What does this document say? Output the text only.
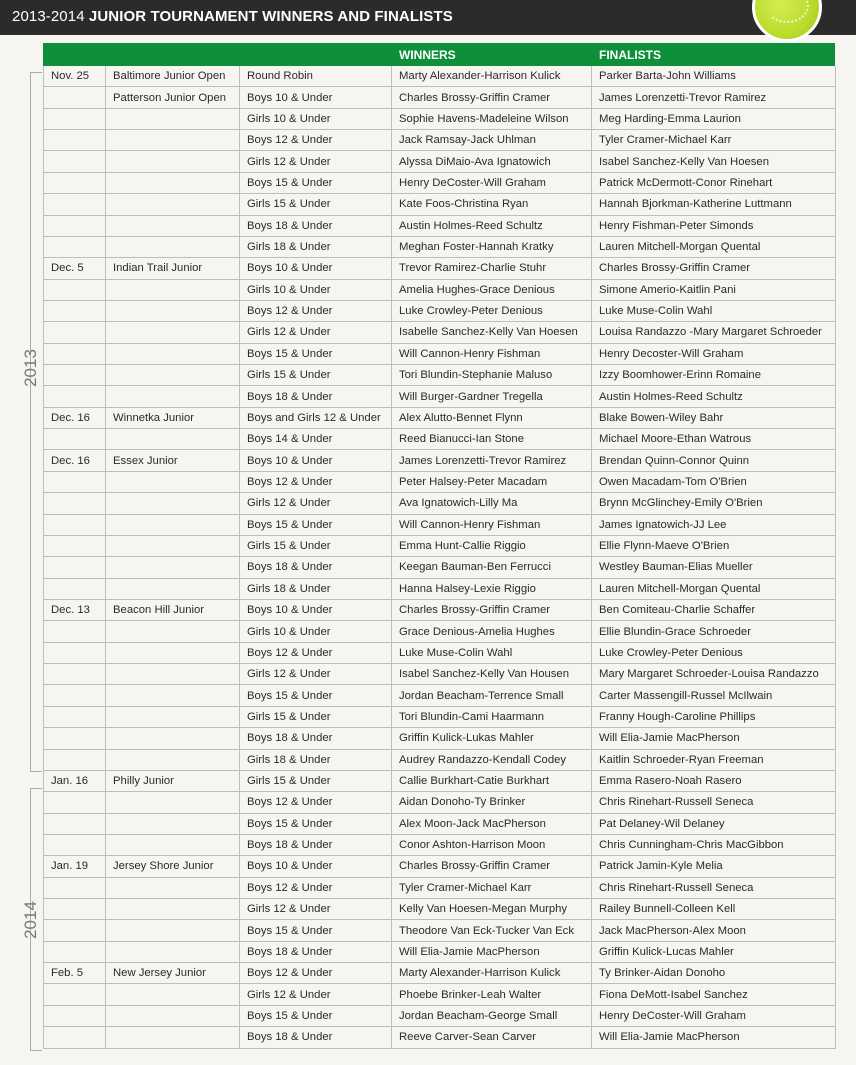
2013-2014 JUNIOR TOURNAMENT WINNERS AND FINALISTS
WINNERS	FINALISTS
2013
2014
Nov. 25	Baltimore Junior Open	Round Robin	Marty Alexander-Harrison Kulick	Parker Barta-John Williams
	Patterson Junior Open	Boys 10 & Under	Charles Brossy-Griffin Cramer	James Lorenzetti-Trevor Ramirez
		Girls 10 & Under	Sophie Havens-Madeleine Wilson	Meg Harding-Emma Laurion
		Boys 12 & Under	Jack Ramsay-Jack Uhlman	Tyler Cramer-Michael Karr
		Girls 12 & Under	Alyssa DiMaio-Ava Ignatowich	Isabel Sanchez-Kelly Van Hoesen
		Boys 15 & Under	Henry DeCoster-Will Graham	Patrick McDermott-Conor Rinehart
		Girls 15 & Under	Kate Foos-Christina Ryan	Hannah Bjorkman-Katherine Luttmann
		Boys 18 & Under	Austin Holmes-Reed Schultz	Henry Fishman-Peter Simonds
		Girls 18 & Under	Meghan Foster-Hannah Kratky	Lauren Mitchell-Morgan Quental
Dec. 5	Indian Trail Junior	Boys 10 & Under	Trevor Ramirez-Charlie Stuhr	Charles Brossy-Griffin Cramer
		Girls 10 & Under	Amelia Hughes-Grace Denious	Simone Amerio-Kaitlin Pani
		Boys 12 & Under	Luke Crowley-Peter Denious	Luke Muse-Colin Wahl
		Girls 12 & Under	Isabelle Sanchez-Kelly Van Hoesen	Louisa Randazzo -Mary Margaret Schroeder
		Boys 15 & Under	Will Cannon-Henry Fishman	Henry Decoster-Will Graham
		Girls 15 & Under	Tori Blundin-Stephanie Maluso	Izzy Boomhower-Erinn Romaine
		Boys 18 & Under	Will Burger-Gardner Tregella	Austin Holmes-Reed Schultz
Dec. 16	Winnetka Junior	Boys and Girls 12 & Under	Alex Alutto-Bennet Flynn	Blake Bowen-Wiley Bahr
		Boys 14 & Under	Reed Bianucci-Ian Stone	Michael Moore-Ethan Watrous
Dec. 16	Essex Junior	Boys 10 & Under	James Lorenzetti-Trevor Ramirez	Brendan Quinn-Connor Quinn
		Boys 12 & Under	Peter Halsey-Peter Macadam	Owen Macadam-Tom O'Brien
		Girls 12 & Under	Ava Ignatowich-Lilly Ma	Brynn McGlinchey-Emily O'Brien
		Boys 15 & Under	Will Cannon-Henry Fishman	James Ignatowich-JJ Lee
		Girls 15 & Under	Emma Hunt-Callie Riggio	Ellie Flynn-Maeve O'Brien
		Boys 18 & Under	Keegan Bauman-Ben Ferrucci	Westley Bauman-Elias Mueller
		Girls 18 & Under	Hanna Halsey-Lexie Riggio	Lauren Mitchell-Morgan Quental
Dec. 13	Beacon Hill Junior	Boys 10 & Under	Charles Brossy-Griffin Cramer	Ben Comiteau-Charlie Schaffer
		Girls 10 & Under	Grace Denious-Amelia Hughes	Ellie Blundin-Grace Schroeder
		Boys 12 & Under	Luke Muse-Colin Wahl	Luke Crowley-Peter Denious
		Girls 12 & Under	Isabel Sanchez-Kelly Van Housen	Mary Margaret Schroeder-Louisa Randazzo
		Boys 15 & Under	Jordan Beacham-Terrence Small	Carter Massengill-Russel McIlwain
		Girls 15 & Under	Tori Blundin-Cami Haarmann	Franny Hough-Caroline Phillips
		Boys 18 & Under	Griffin Kulick-Lukas Mahler	Will Elia-Jamie MacPherson
		Girls 18 & Under	Audrey Randazzo-Kendall Codey	Kaitlin Schroeder-Ryan Freeman
Jan. 16	Philly Junior	Girls 15 & Under	Callie Burkhart-Catie Burkhart	Emma Rasero-Noah Rasero
		Boys 12 & Under	Aidan Donoho-Ty Brinker	Chris Rinehart-Russell Seneca
		Boys 15 & Under	Alex Moon-Jack MacPherson	Pat Delaney-Wil Delaney
		Boys 18 & Under	Conor Ashton-Harrison Moon	Chris Cunningham-Chris MacGibbon
Jan. 19	Jersey Shore Junior	Boys 10 & Under	Charles Brossy-Griffin Cramer	Patrick Jamin-Kyle Melia
		Boys 12 & Under	Tyler Cramer-Michael Karr	Chris Rinehart-Russell Seneca
		Girls 12 & Under	Kelly Van Hoesen-Megan Murphy	Railey Bunnell-Colleen Kell
		Boys 15 & Under	Theodore Van Eck-Tucker Van Eck	Jack MacPherson-Alex Moon
		Boys 18 & Under	Will Elia-Jamie MacPherson	Griffin Kulick-Lucas Mahler
Feb. 5	New Jersey Junior	Boys 12 & Under	Marty Alexander-Harrison Kulick	Ty Brinker-Aidan Donoho
		Girls 12 & Under	Phoebe Brinker-Leah Walter	Fiona DeMott-Isabel Sanchez
		Boys 15 & Under	Jordan Beacham-George Small	Henry DeCoster-Will Graham
		Boys 18 & Under	Reeve Carver-Sean Carver	Will Elia-Jamie MacPherson
